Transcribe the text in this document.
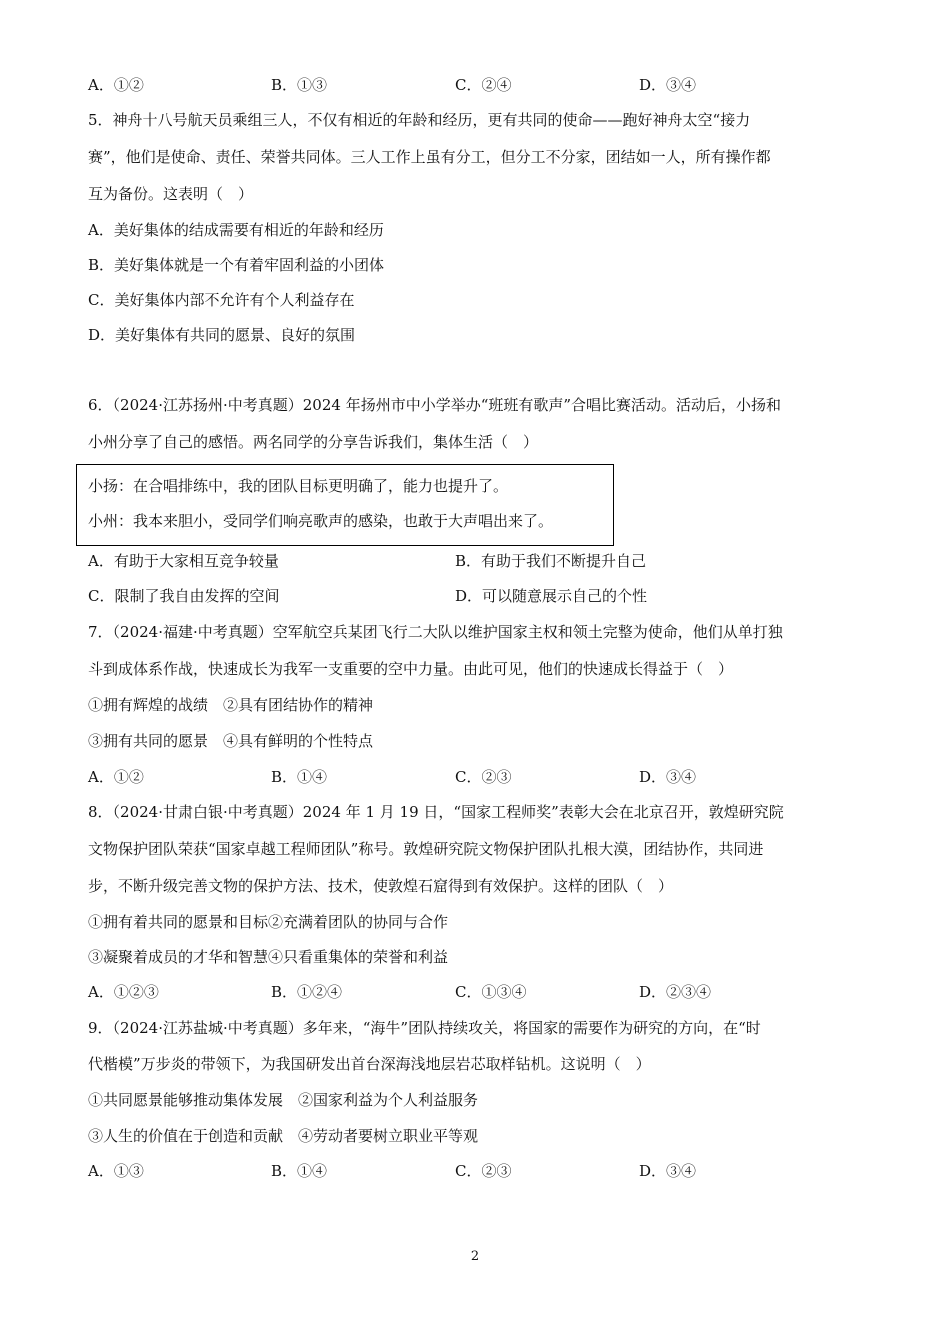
A．①②	B．①③	C．②④	D．③④
5．神舟十八号航天员乘组三人，不仅有相近的年龄和经历，更有共同的使命——跑好神舟太空“接力
赛”，他们是使命、责任、荣誉共同体。三人工作上虽有分工，但分工不分家，团结如一人，所有操作都
互为备份。这表明（　）
A．美好集体的结成需要有相近的年龄和经历
B．美好集体就是一个有着牢固利益的小团体
C．美好集体内部不允许有个人利益存在
D．美好集体有共同的愿景、良好的氛围
6．（2024·江苏扬州·中考真题）2024 年扬州市中小学举办“班班有歌声”合唱比赛活动。活动后，小扬和
小州分享了自己的感悟。两名同学的分享告诉我们，集体生活（　）
小扬：在合唱排练中，我的团队目标更明确了，能力也提升了。
小州：我本来胆小，受同学们响亮歌声的感染，也敢于大声唱出来了。
A．有助于大家相互竞争较量	B．有助于我们不断提升自己
C．限制了我自由发挥的空间	D．可以随意展示自己的个性
7．（2024·福建·中考真题）空军航空兵某团飞行二大队以维护国家主权和领土完整为使命，他们从单打独
斗到成体系作战，快速成长为我军一支重要的空中力量。由此可见，他们的快速成长得益于（　）
①拥有辉煌的战绩　②具有团结协作的精神
③拥有共同的愿景　④具有鲜明的个性特点
A．①②	B．①④	C．②③	D．③④
8．（2024·甘肃白银·中考真题）2024 年 1 月 19 日，“国家工程师奖”表彰大会在北京召开，敦煌研究院
文物保护团队荣获“国家卓越工程师团队”称号。敦煌研究院文物保护团队扎根大漠，团结协作，共同进
步，不断升级完善文物的保护方法、技术，使敦煌石窟得到有效保护。这样的团队（　）
①拥有着共同的愿景和目标②充满着团队的协同与合作
③凝聚着成员的才华和智慧④只看重集体的荣誉和利益
A．①②③	B．①②④	C．①③④	D．②③④
9．（2024·江苏盐城·中考真题）多年来，“海牛”团队持续攻关，将国家的需要作为研究的方向，在“时
代楷模”万步炎的带领下，为我国研发出首台深海浅地层岩芯取样钻机。这说明（　）
①共同愿景能够推动集体发展　②国家利益为个人利益服务
③人生的价值在于创造和贡献　④劳动者要树立职业平等观
A．①③	B．①④	C．②③	D．③④
2
